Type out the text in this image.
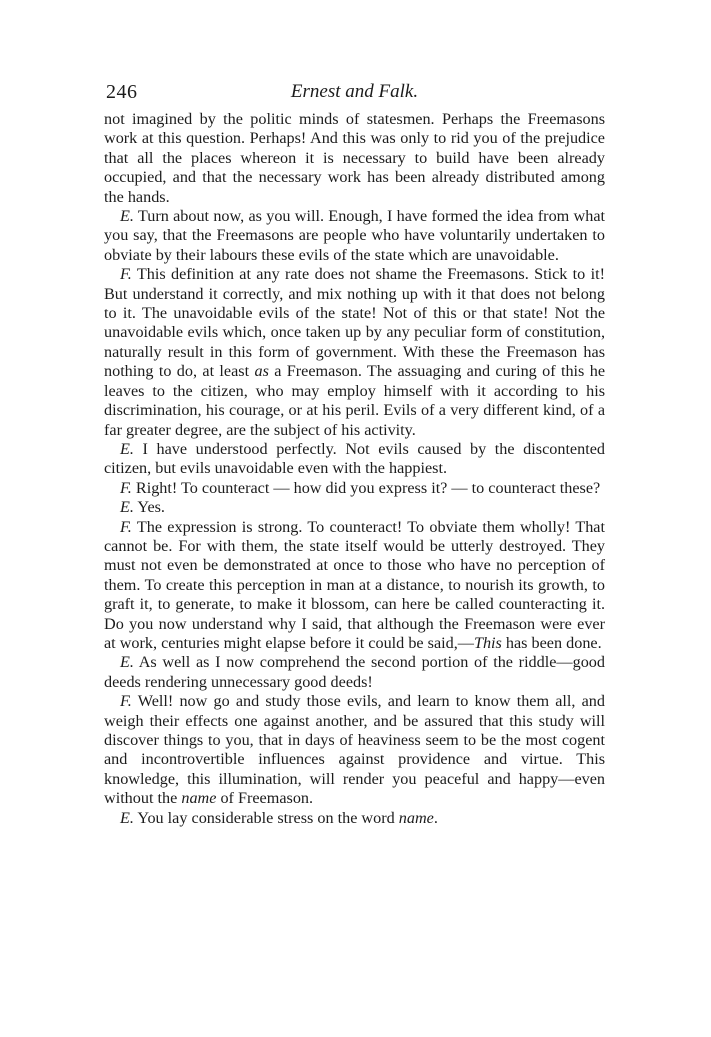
246	Ernest and Falk.

not imagined by the politic minds of statesmen. Perhaps the Freemasons work at this question. Perhaps! And this was only to rid you of the prejudice that all the places whereon it is necessary to build have been already occupied, and that the necessary work has been already distributed among the hands.

E. Turn about now, as you will. Enough, I have formed the idea from what you say, that the Freemasons are people who have voluntarily undertaken to obviate by their labours these evils of the state which are unavoidable.

F. This definition at any rate does not shame the Freemasons. Stick to it! But understand it correctly, and mix nothing up with it that does not belong to it. The unavoidable evils of the state! Not of this or that state! Not the unavoidable evils which, once taken up by any peculiar form of constitution, naturally result in this form of government. With these the Freemason has nothing to do, at least as a Freemason. The assuaging and curing of this he leaves to the citizen, who may employ himself with it according to his discrimination, his courage, or at his peril. Evils of a very different kind, of a far greater degree, are the subject of his activity.

E. I have understood perfectly. Not evils caused by the discontented citizen, but evils unavoidable even with the happiest.

F. Right! To counteract — how did you express it? — to counteract these?

E. Yes.

F. The expression is strong. To counteract! To obviate them wholly! That cannot be. For with them, the state itself would be utterly destroyed. They must not even be demonstrated at once to those who have no perception of them. To create this perception in man at a distance, to nourish its growth, to graft it, to generate, to make it blossom, can here be called counteracting it. Do you now understand why I said, that although the Freemason were ever at work, centuries might elapse before it could be said,—This has been done.

E. As well as I now comprehend the second portion of the riddle—good deeds rendering unnecessary good deeds!

F. Well! now go and study those evils, and learn to know them all, and weigh their effects one against another, and be assured that this study will discover things to you, that in days of heaviness seem to be the most cogent and incontrovertible influences against providence and virtue. This knowledge, this illumination, will render you peaceful and happy—even without the name of Freemason.

E. You lay considerable stress on the word name.
